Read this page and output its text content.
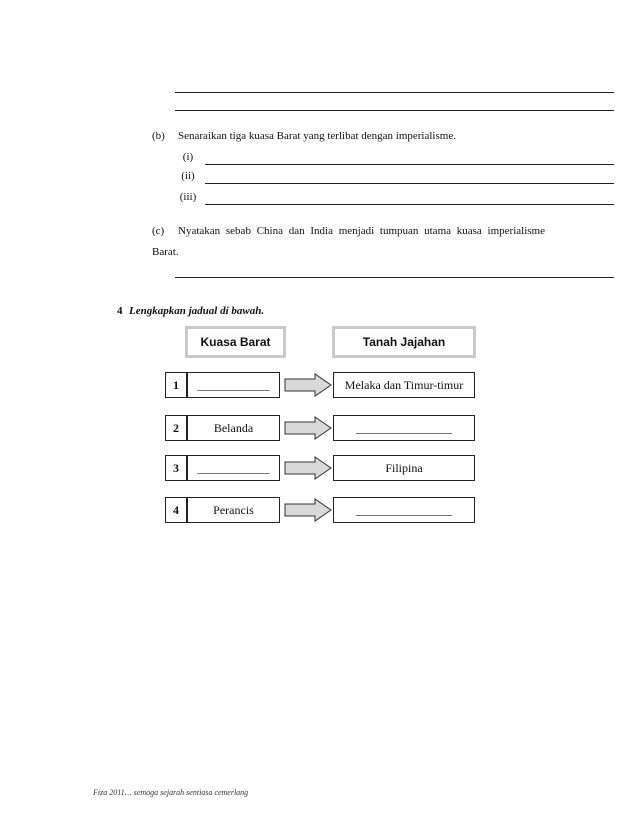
(b) Senaraikan tiga kuasa Barat yang terlibat dengan imperialisme.
(i)
(ii)
(iii)
(c) Nyatakan sebab China dan India menjadi tumpuan utama kuasa imperialisme
Barat.
4 Lengkapkan jadual di bawah.
Kuasa Barat	Tanah Jajahan
1	____________	Melaka dan Timur-timur
2	Belanda	________________
3	____________	Filipina
4	Perancis	________________
Fiza 2011… semoga sejarah sentiasa cemerlang
